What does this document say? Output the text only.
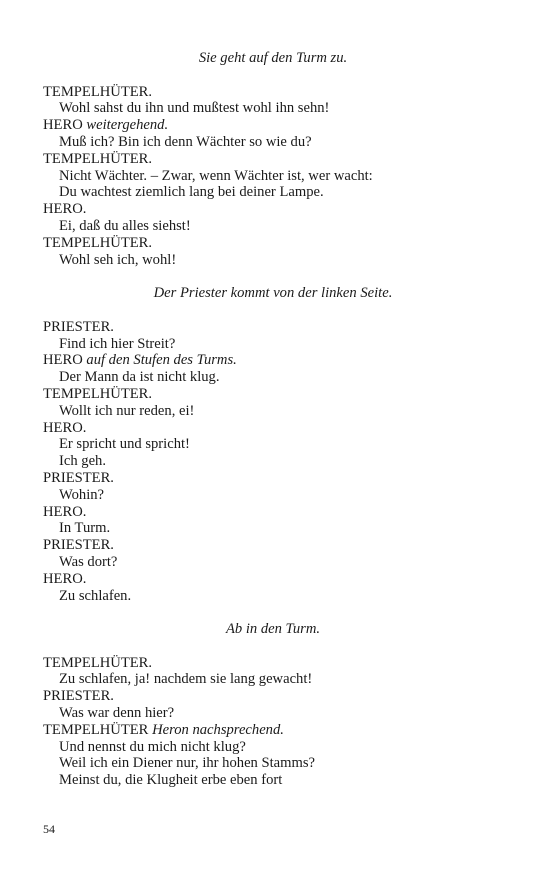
Sie geht auf den Turm zu.

TEMPELHÜTER.

Wohl sahst du ihn und mußtest wohl ihn sehn!

HERO weitergehend.

Muß ich? Bin ich denn Wächter so wie du?

TEMPELHÜTER.

Nicht Wächter. – Zwar, wenn Wächter ist, wer wacht:

Du wachtest ziemlich lang bei deiner Lampe.

HERO.

Ei, daß du alles siehst!

TEMPELHÜTER.

Wohl seh ich, wohl!

Der Priester kommt von der linken Seite.

PRIESTER.

Find ich hier Streit?

HERO auf den Stufen des Turms.

Der Mann da ist nicht klug.

TEMPELHÜTER.

Wollt ich nur reden, ei!

HERO.

Er spricht und spricht!

Ich geh.

PRIESTER.

Wohin?

HERO.

In Turm.

PRIESTER.

Was dort?

HERO.

Zu schlafen.

Ab in den Turm.

TEMPELHÜTER.

Zu schlafen, ja! nachdem sie lang gewacht!

PRIESTER.

Was war denn hier?

TEMPELHÜTER Heron nachsprechend.

Und nennst du mich nicht klug?

Weil ich ein Diener nur, ihr hohen Stamms?

Meinst du, die Klugheit erbe eben fort

54
